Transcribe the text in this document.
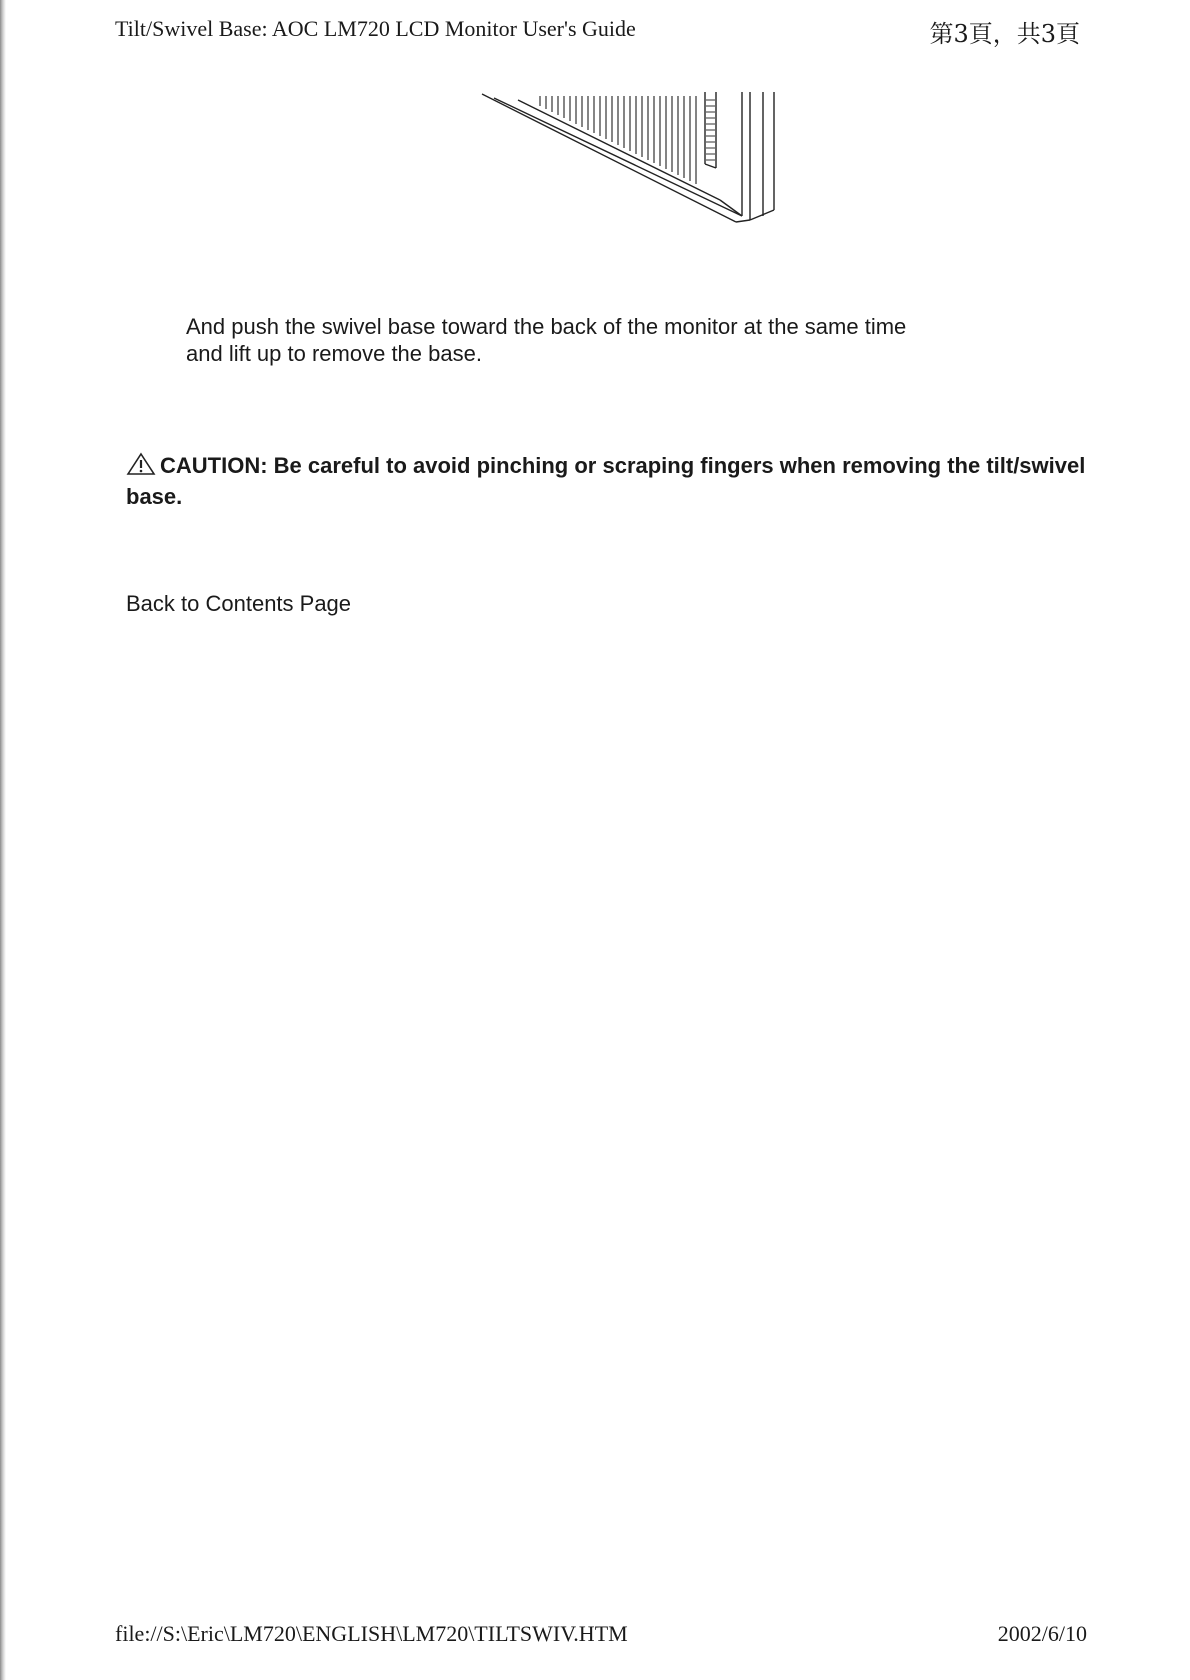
Tilt/Swivel Base: AOC LM720 LCD Monitor User's Guide	第3頁，共3頁
And push the swivel base toward the back of the monitor at the same time
and lift up to remove the base.
CAUTION: Be careful to avoid pinching or scraping fingers when removing the tilt/swivel base.
Back to Contents Page
file://S:\Eric\LM720\ENGLISH\LM720\TILTSWIV.HTM	2002/6/10
